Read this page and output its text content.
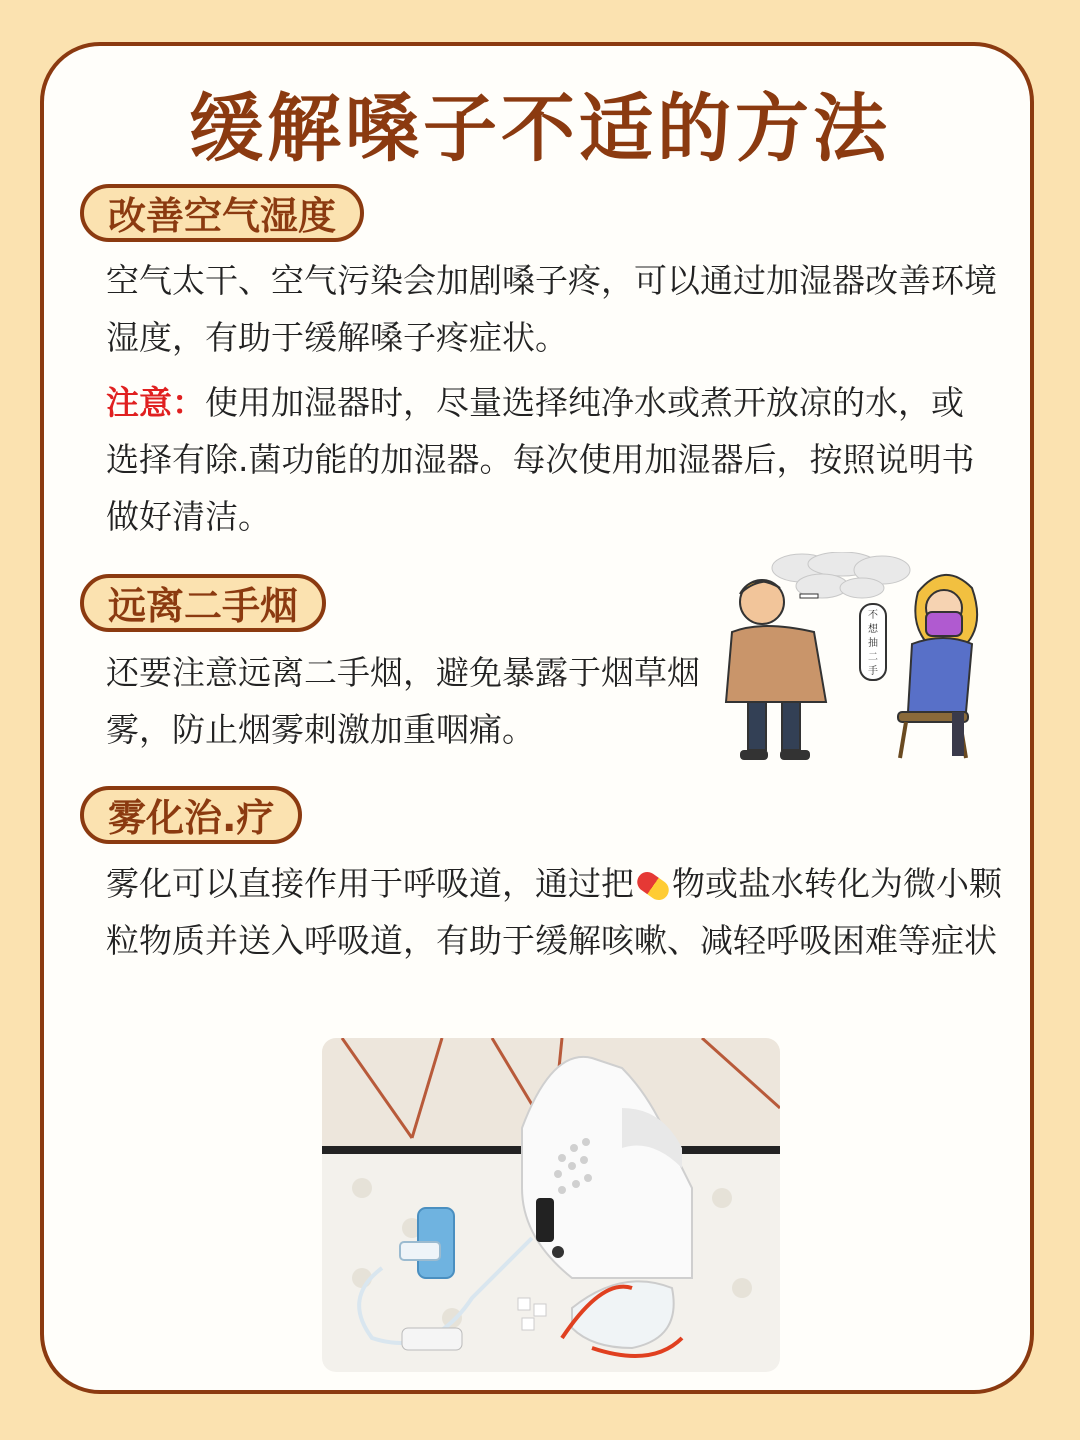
缓解嗓子不适的方法
改善空气湿度

空气太干、空气污染会加剧嗓子疼，可以通过加湿器改善环境湿度，有助于缓解嗓子疼症状。

注意：使用加湿器时，尽量选择纯净水或煮开放凉的水，或选择有除.菌功能的加湿器。每次使用加湿器后，按照说明书做好清洁。

远离二手烟

还要注意远离二手烟，避免暴露于烟草烟雾，防止烟雾刺激加重咽痛。

不
想
抽
二
手
雾化治.疗

雾化可以直接作用于呼吸道，通过把 物或盐水转化为微小颗粒物质并送入呼吸道，有助于缓解咳嗽、减轻呼吸困难等症状
